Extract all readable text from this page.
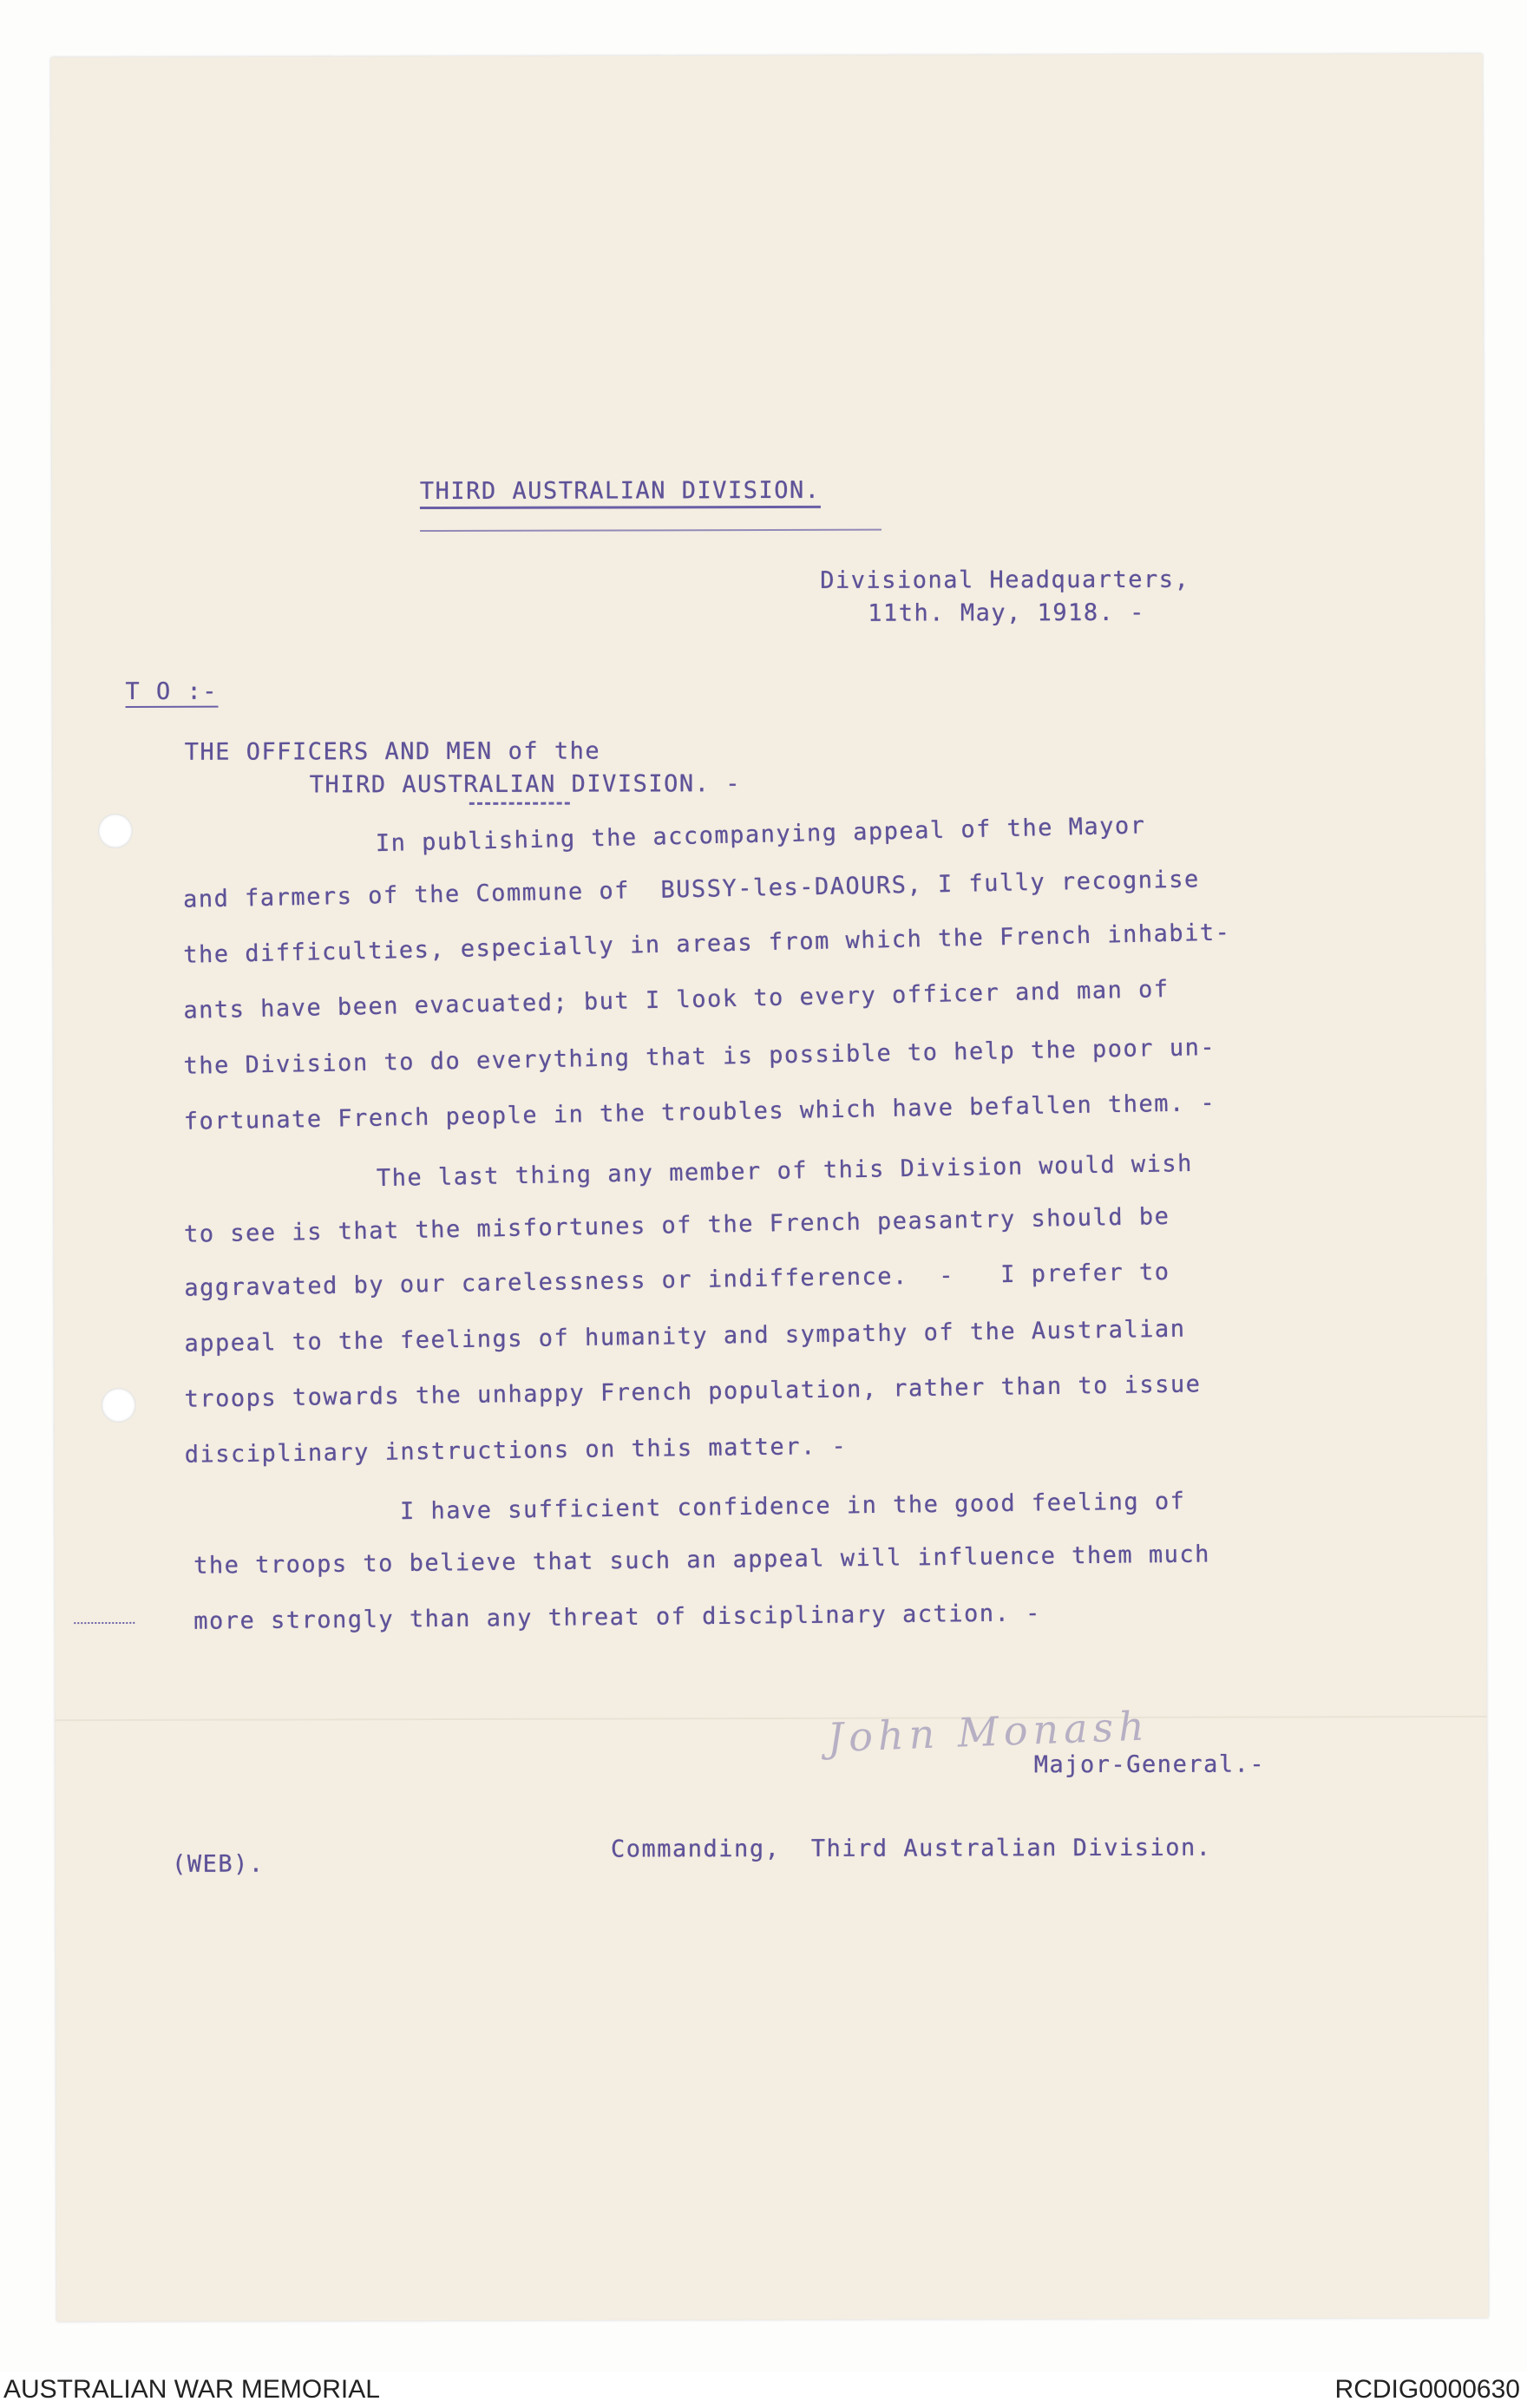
THIRD AUSTRALIAN DIVISION.
Divisional Headquarters,
11th. May, 1918. -
T O :-
THE OFFICERS AND MEN of the
THIRD AUSTRALIAN DIVISION. -
In publishing the accompanying appeal of the Mayor
and farmers of the Commune of  BUSSY-les-DAOURS, I fully recognise
the difficulties, especially in areas from which the French inhabit-
ants have been evacuated; but I look to every officer and man of
the Division to do everything that is possible to help the poor un-
fortunate French people in the troubles which have befallen them. -
The last thing any member of this Division would wish
to see is that the misfortunes of the French peasantry should be
aggravated by our carelessness or indifference.  -   I prefer to
appeal to the feelings of humanity and sympathy of the Australian
troops towards the unhappy French population, rather than to issue
disciplinary instructions on this matter. -
I have sufficient confidence in the good feeling of
the troops to believe that such an appeal will influence them much
more strongly than any threat of disciplinary action. -
John Monash
Major-General.-
(WEB).
Commanding,  Third Australian Division.
AUSTRALIAN WAR MEMORIAL	RCDIG0000630
